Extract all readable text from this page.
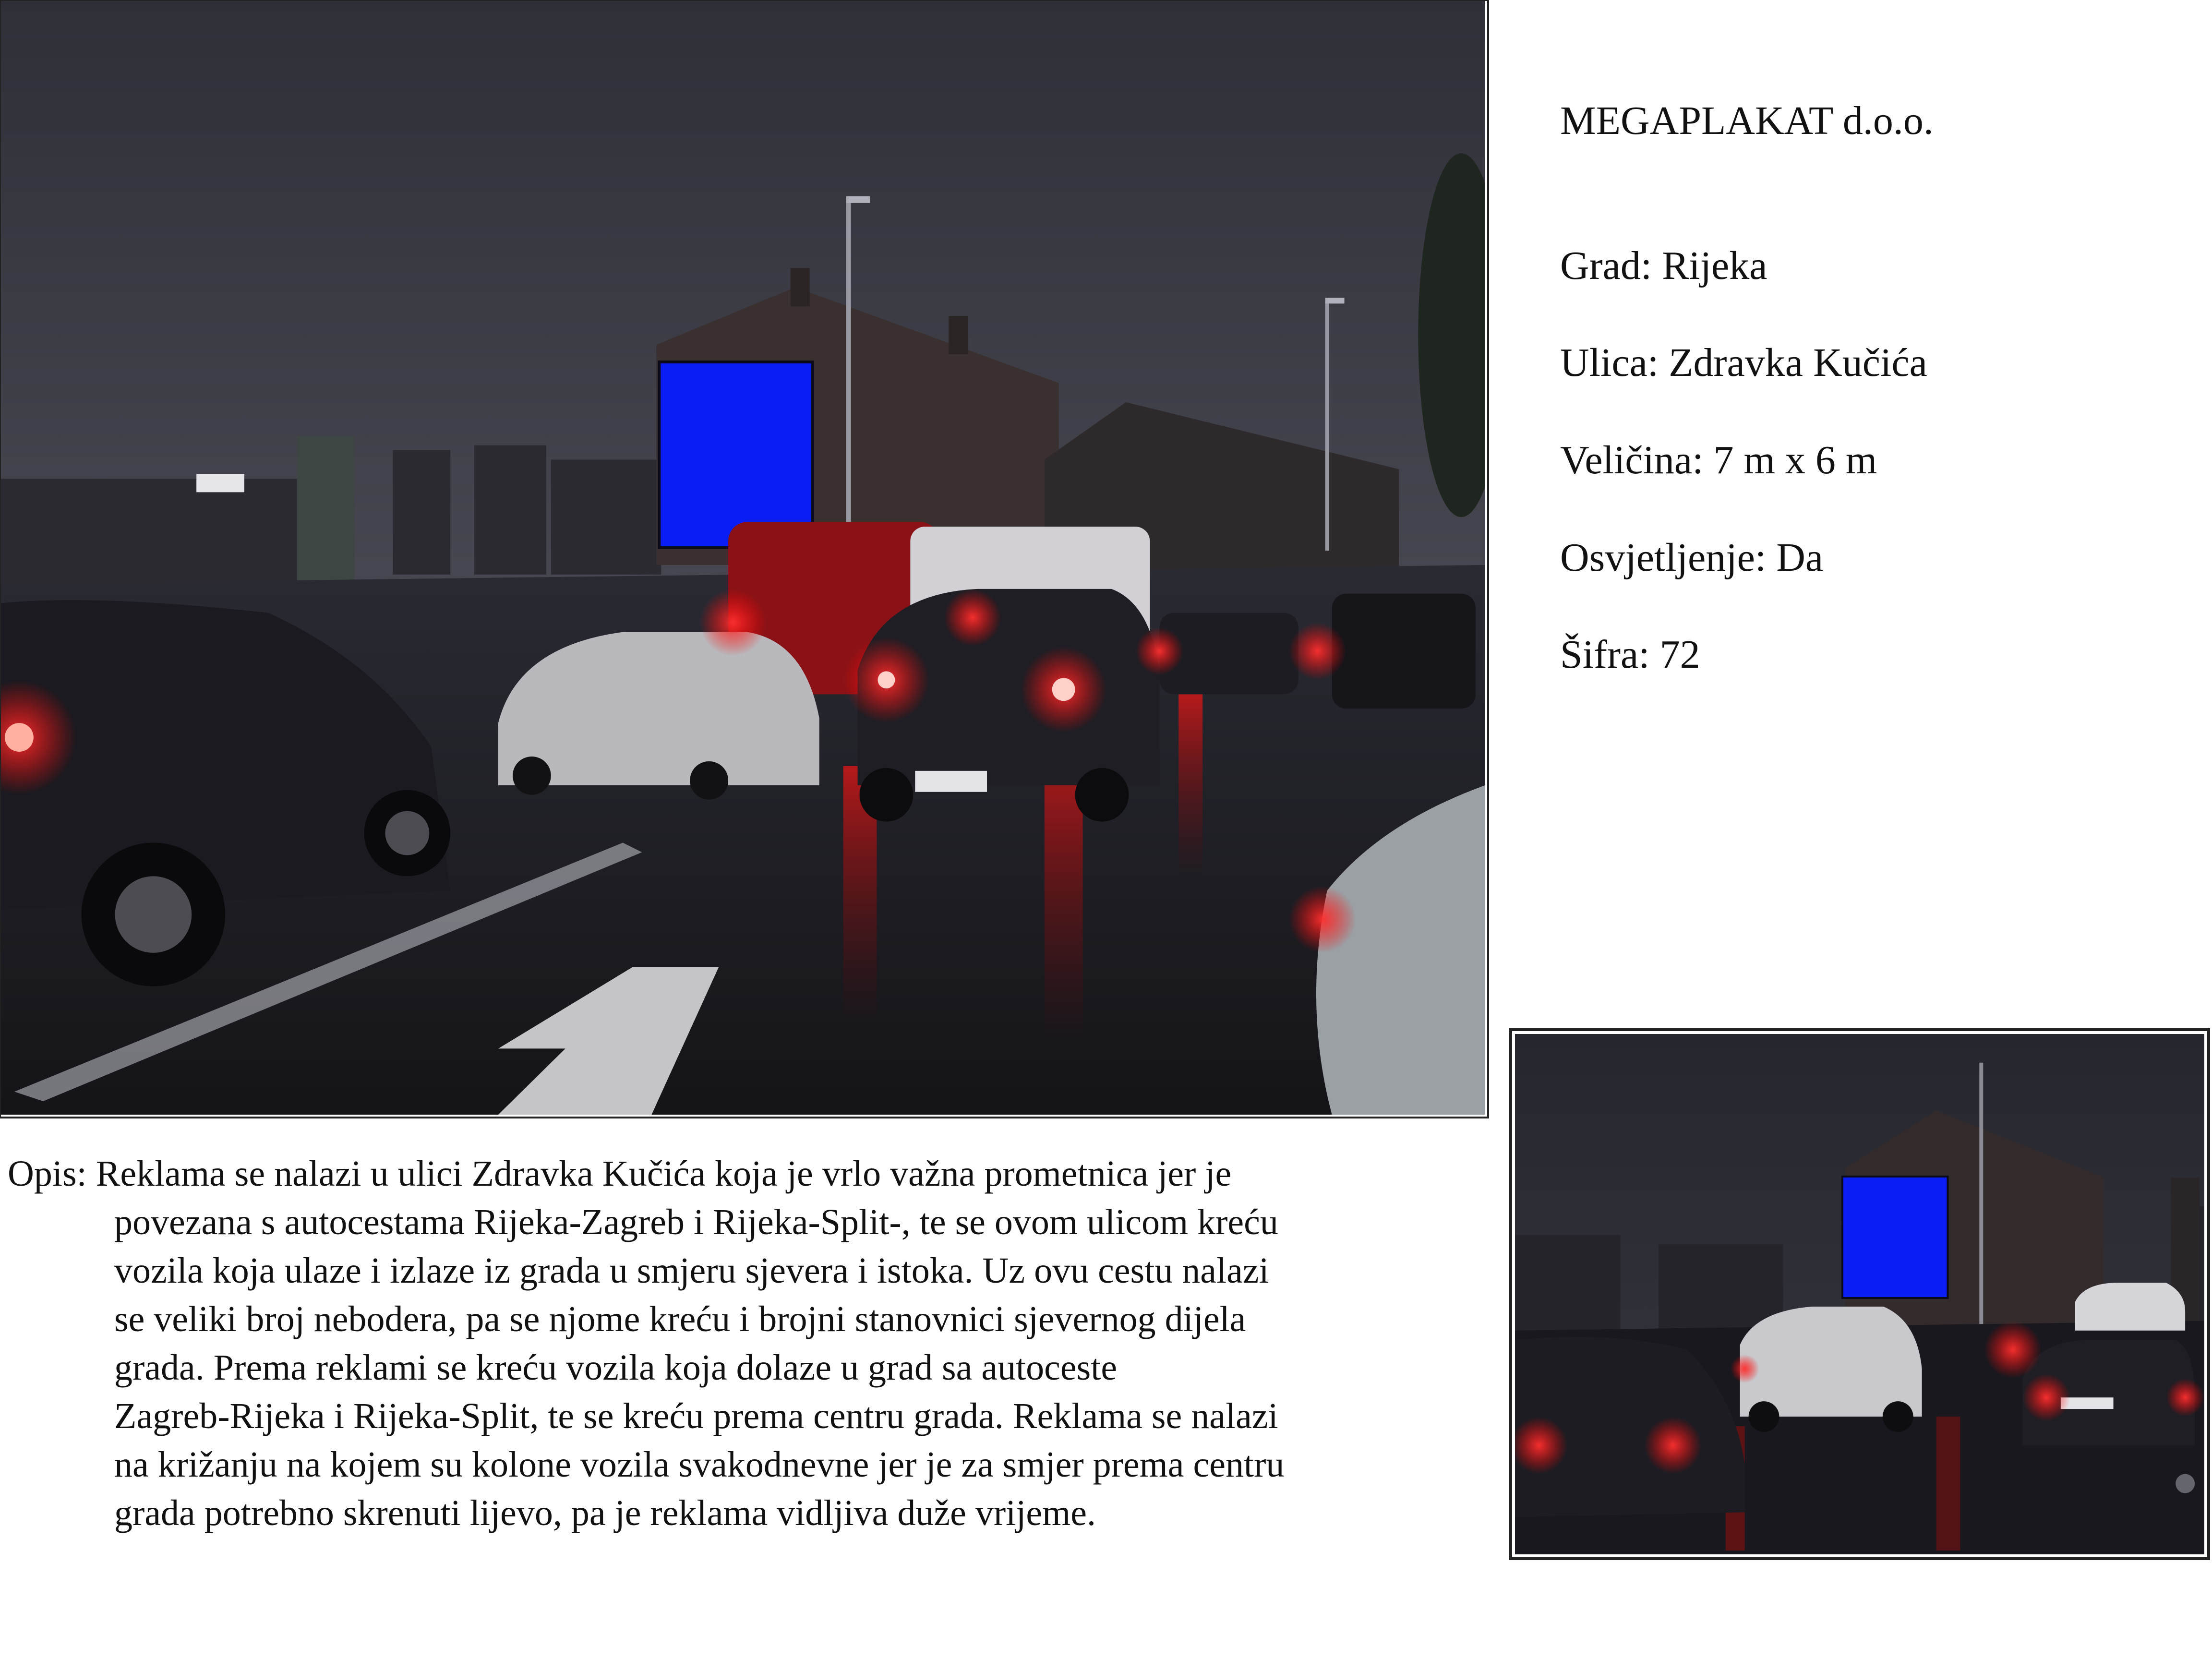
MEGAPLAKAT d.o.o.
Grad: Rijeka
Ulica: Zdravka Kučića
Veličina: 7 m x 6 m
Osvjetljenje: Da
Šifra: 72
Opis: Reklama se nalazi u ulici Zdravka Kučića koja je vrlo važna prometnica jer je
povezana s autocestama Rijeka-Zagreb i Rijeka-Split-, te se ovom ulicom kreću
vozila koja ulaze i izlaze iz grada u smjeru sjevera i istoka. Uz ovu cestu nalazi
se veliki broj nebodera, pa se njome kreću i brojni stanovnici sjevernog dijela
grada. Prema reklami se kreću vozila koja dolaze u grad sa autoceste
Zagreb-Rijeka i Rijeka-Split, te se kreću prema centru grada. Reklama se nalazi
na križanju na kojem su kolone vozila svakodnevne jer je za smjer prema centru
grada potrebno skrenuti lijevo, pa je reklama vidljiva duže vrijeme.
